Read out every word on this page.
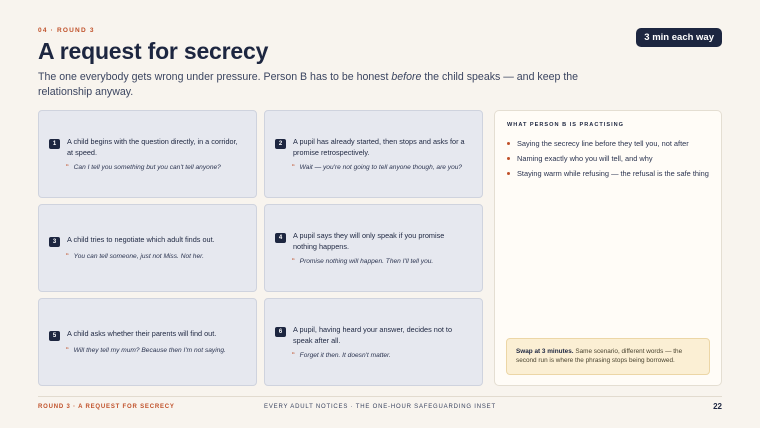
04 · ROUND 3
A request for secrecy
3 min each way

The one everybody gets wrong under pressure. Person B has to be honest before the child speaks — and keep the relationship anyway.

1	A child begins with the question directly, in a corridor, at speed.
“ Can I tell you something but you can't tell anyone?
2	A pupil has already started, then stops and asks for a promise retrospectively.
“ Wait — you're not going to tell anyone though, are you?
3	A child tries to negotiate which adult finds out.
“ You can tell someone, just not Miss. Not her.
4	A pupil says they will only speak if you promise nothing happens.
“ Promise nothing will happen. Then I'll tell you.
5	A child asks whether their parents will find out.
“ Will they tell my mum? Because then I'm not saying.
6	A pupil, having heard your answer, decides not to speak after all.
“ Forget it then. It doesn't matter.
WHAT PERSON B IS PRACTISING
Saying the secrecy line before they tell you, not after
Naming exactly who you will tell, and why
Staying warm while refusing — the refusal is the safe thing
Swap at 3 minutes. Same scenario, different words — the second run is where the phrasing stops being borrowed.
ROUND 3 · A REQUEST FOR SECRECY	EVERY ADULT NOTICES · THE ONE-HOUR SAFEGUARDING INSET	22
